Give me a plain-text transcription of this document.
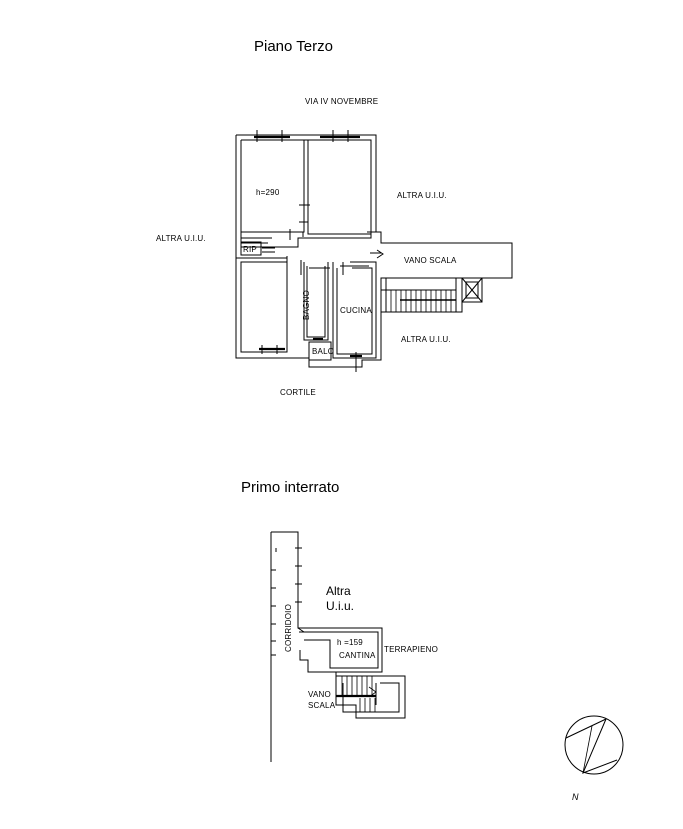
Piano Terzo
Primo interrato
VIA IV NOVEMBRE
ALTRA U.I.U.
ALTRA U.I.U.
ALTRA U.I.U.
h=290
RIP
VANO SCALA
BAGNO	CUCINA
BALC
CORTILE
Altra
U.i.u.
CORRIDOIO	h =159
CANTINA
TERRAPIENO
VANO
SCALA
N
